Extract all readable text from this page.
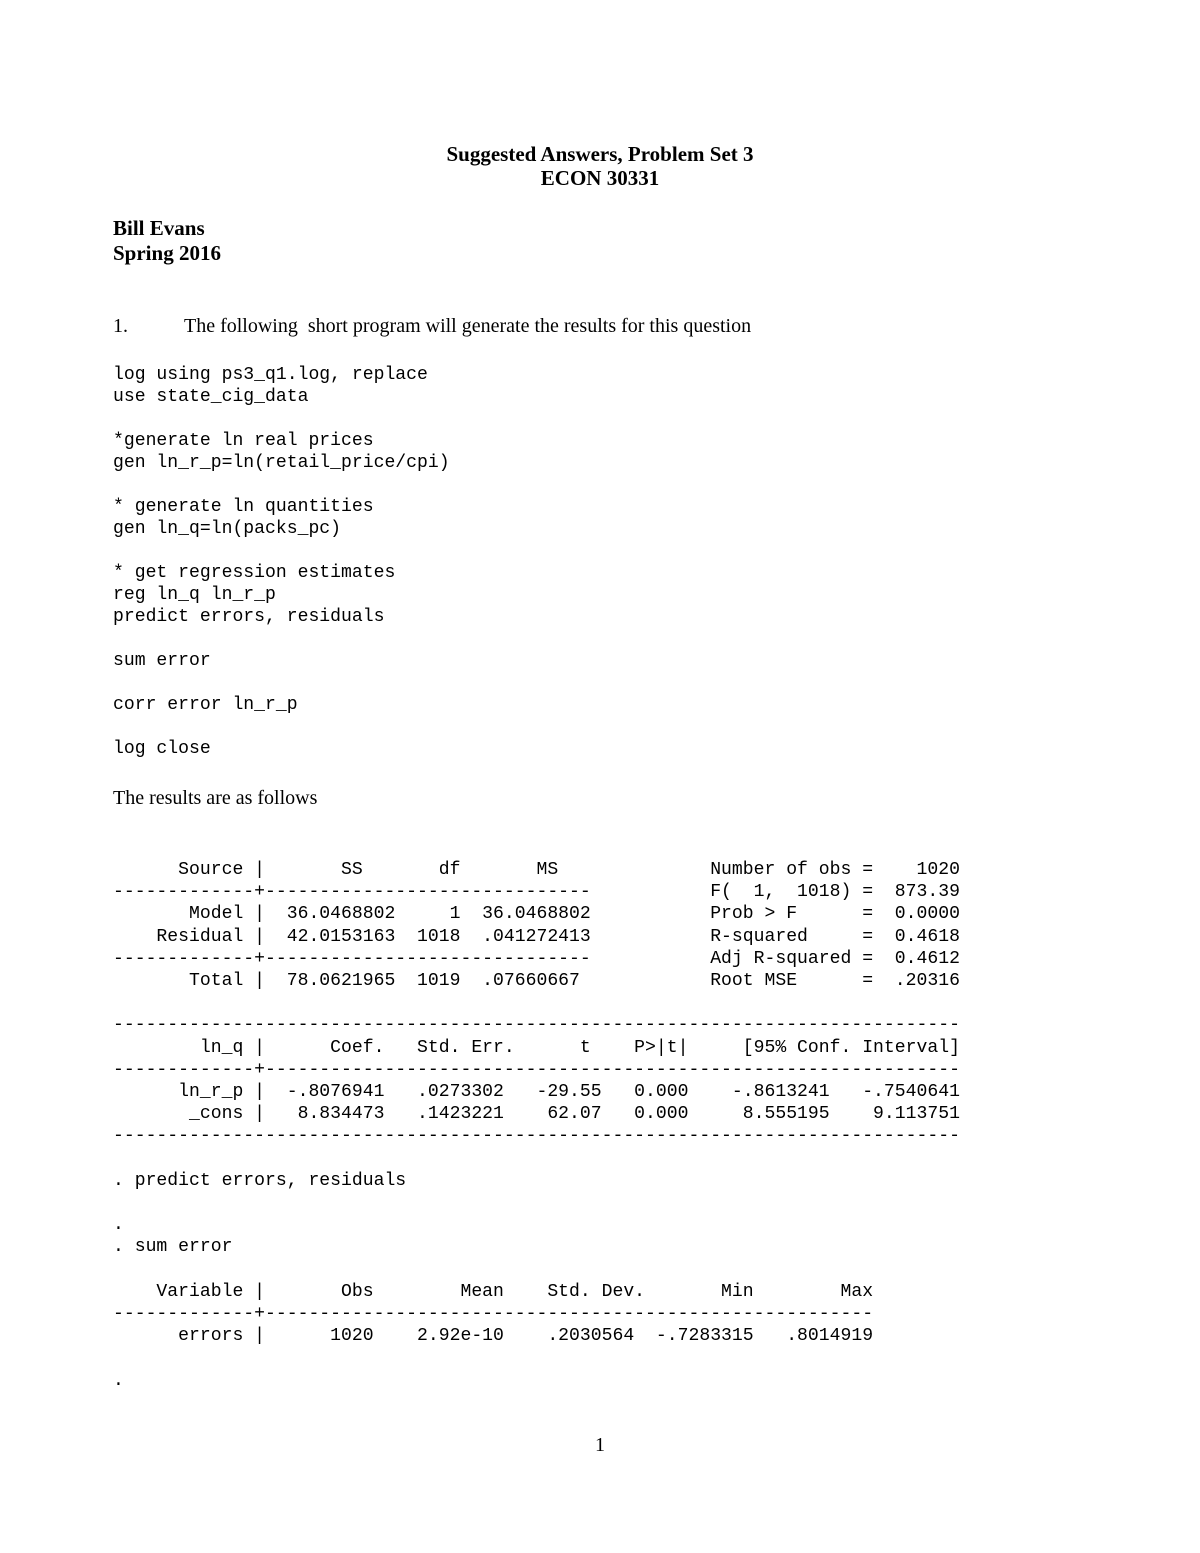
Suggested Answers, Problem Set 3
ECON 30331
Bill Evans
Spring 2016
1.	The following  short program will generate the results for this question
log using ps3_q1.log, replace
use state_cig_data
*generate ln real prices
gen ln_r_p=ln(retail_price/cpi)
* generate ln quantities
gen ln_q=ln(packs_pc)
* get regression estimates
reg ln_q ln_r_p
predict errors, residuals
sum error
corr error ln_r_p
log close
The results are as follows
Source |       SS       df       MS              Number of obs =    1020
-------------+------------------------------           F(  1,  1018) =  873.39
Model |  36.0468802     1  36.0468802           Prob > F      =  0.0000
Residual |  42.0153163  1018  .041272413           R-squared     =  0.4618
-------------+------------------------------           Adj R-squared =  0.4612
Total |  78.0621965  1019  .07660667            Root MSE      =  .20316
------------------------------------------------------------------------------
ln_q |      Coef.   Std. Err.      t    P>|t|     [95% Conf. Interval]
-------------+----------------------------------------------------------------
ln_r_p |  -.8076941   .0273302   -29.55   0.000    -.8613241   -.7540641
_cons |   8.834473   .1423221    62.07   0.000     8.555195    9.113751
------------------------------------------------------------------------------
. predict errors, residuals
.
. sum error
Variable |       Obs        Mean    Std. Dev.       Min        Max
-------------+--------------------------------------------------------
errors |      1020    2.92e-10    .2030564  -.7283315   .8014919
.
1
